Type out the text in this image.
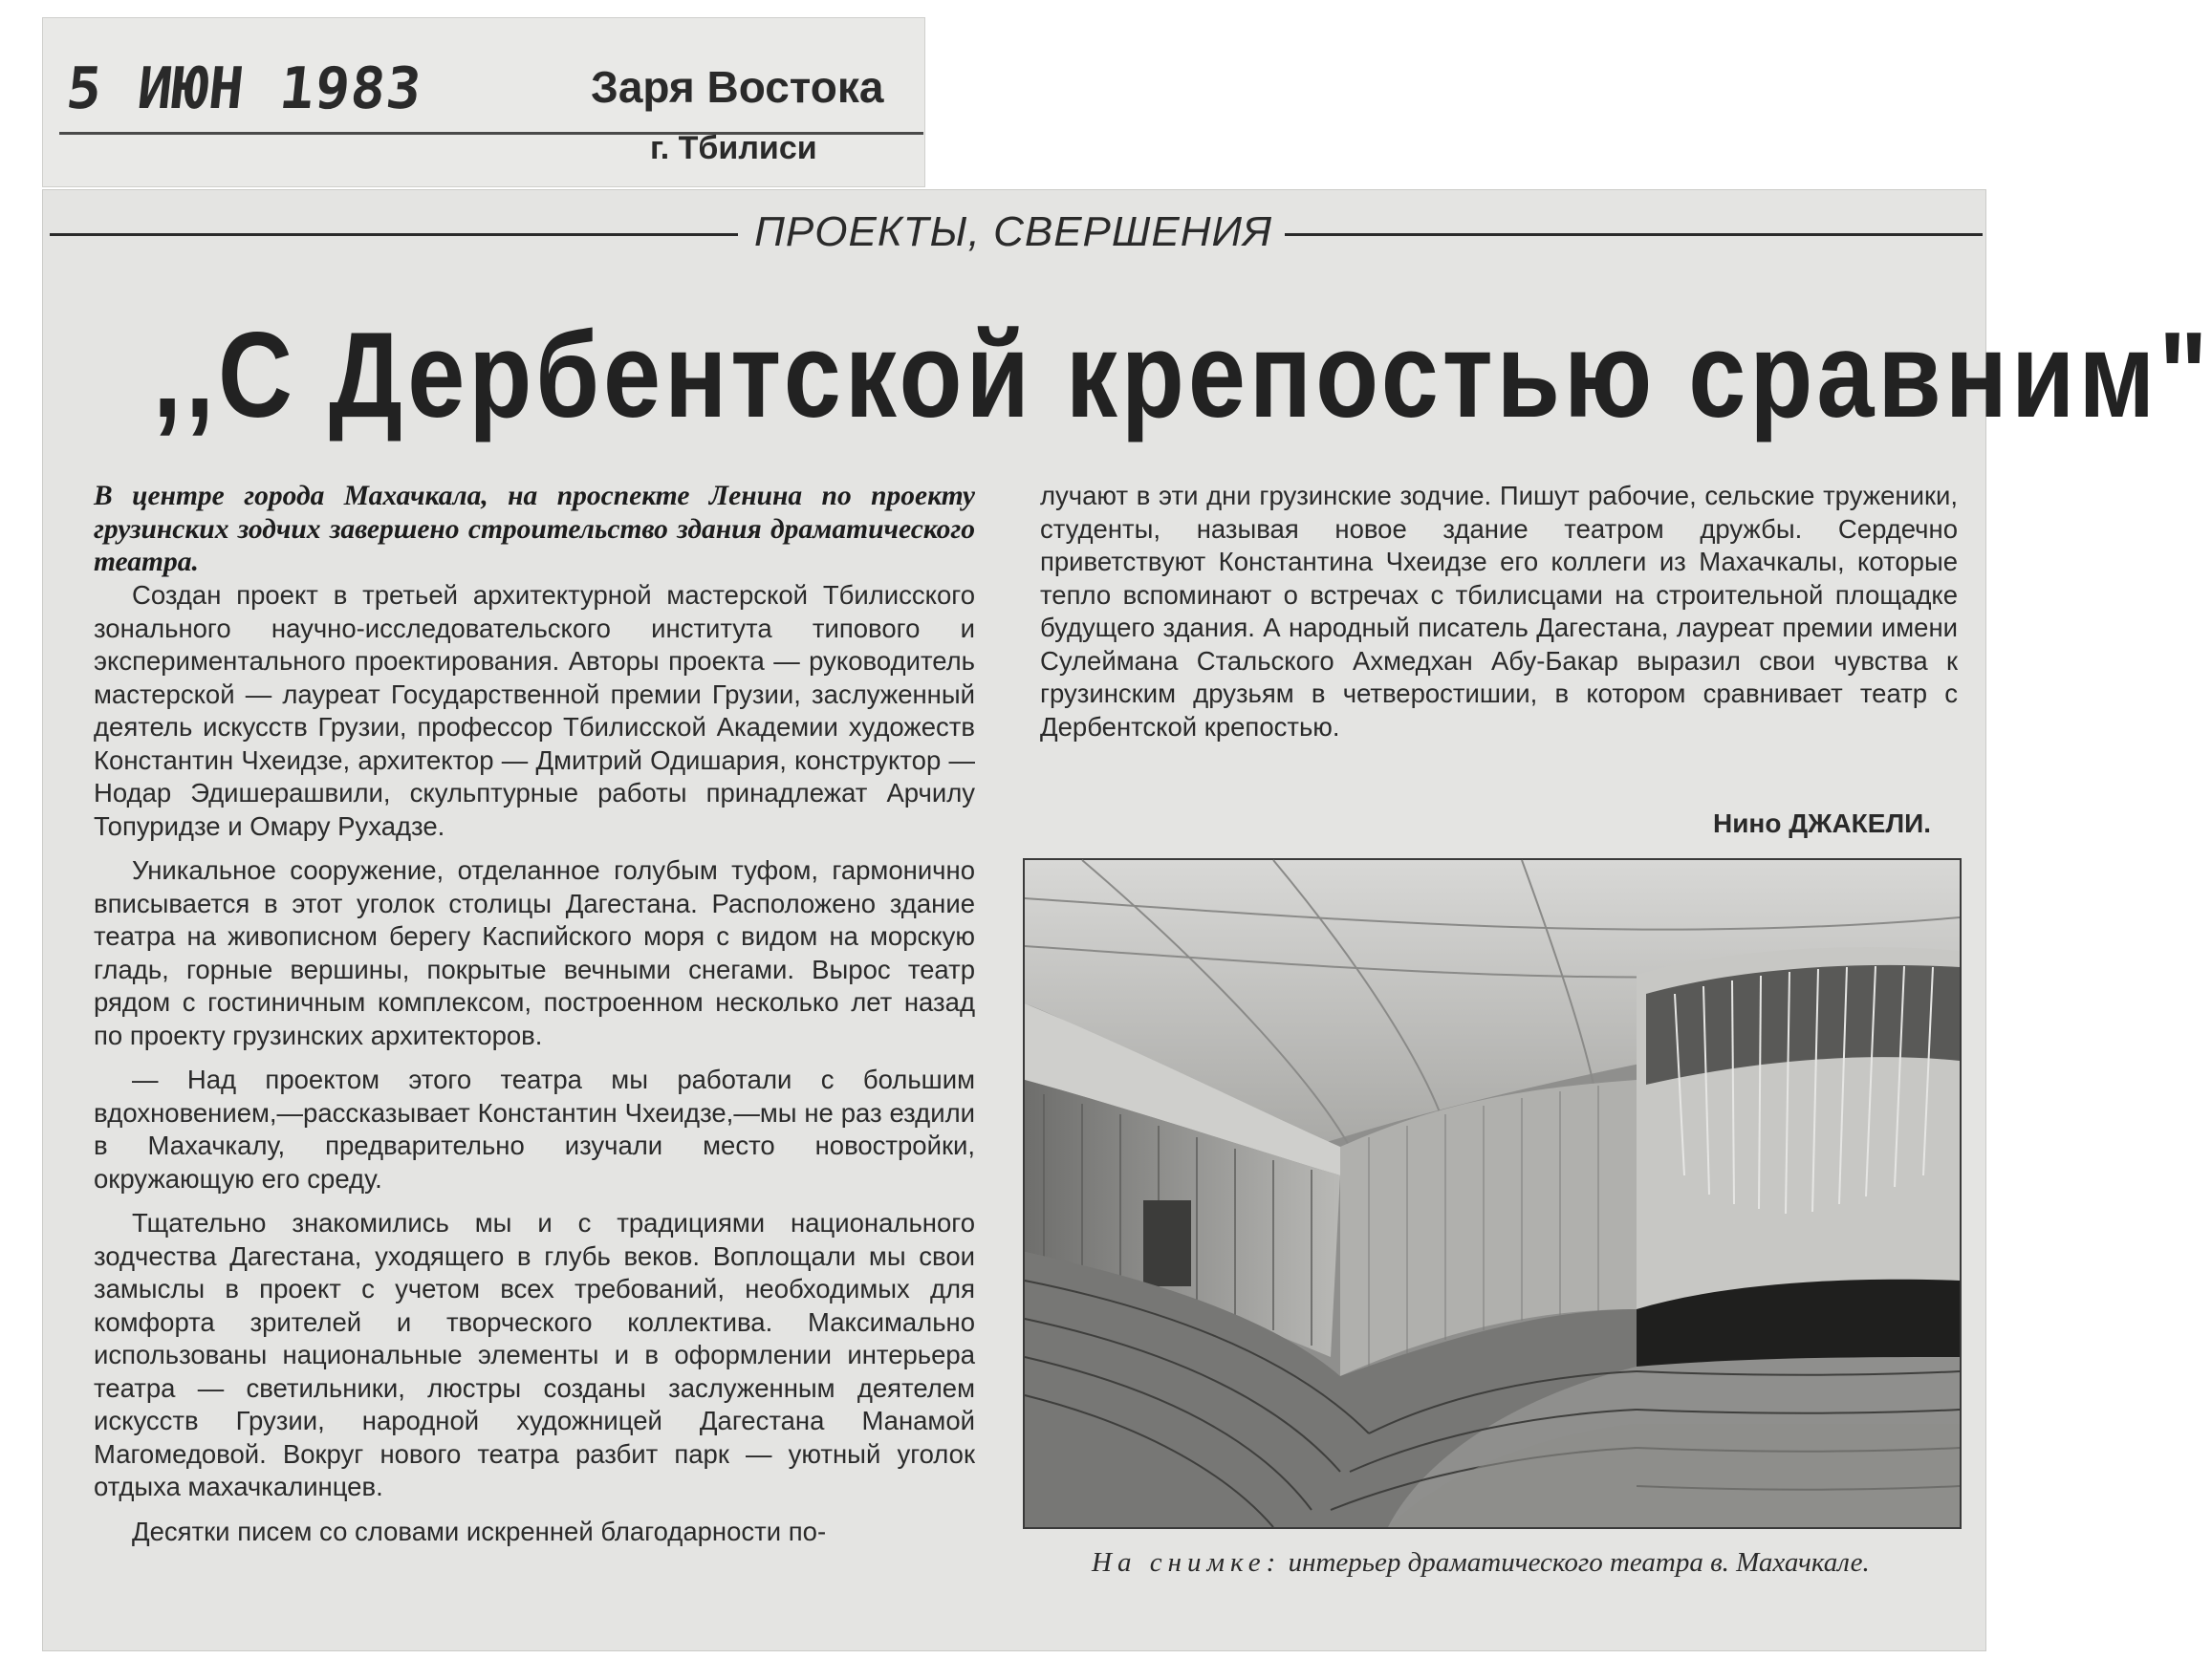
5 ИЮН 1983	Заря Востока
г. Тбилиси
ПРОЕКТЫ, СВЕРШЕНИЯ
,,С Дербентской крепостью сравним"
В центре города Махачкала, на проспекте Ленина по проекту грузинских зодчих завершено строительство здания драматического театра.

Создан проект в третьей архитектурной мастерской Тбилисского зонального научно-исследовательского института типового и экспериментального проектирования. Авторы проекта — руководитель мастерской — лауреат Государственной премии Грузии, заслуженный деятель искусств Грузии, профессор Тбилисской Академии художеств Константин Чхеидзе, архитектор — Дмитрий Одишария, конструктор — Нодар Эдишерашвили, скульптурные работы принадлежат Арчилу Топуридзе и Омару Рухадзе.

Уникальное сооружение, отделанное голубым туфом, гармонично вписывается в этот уголок столицы Дагестана. Расположено здание театра на живописном берегу Каспийского моря с видом на морскую гладь, горные вершины, покрытые вечными снегами. Вырос театр рядом с гостиничным комплексом, построенном несколько лет назад по проекту грузинских архитекторов.

— Над проектом этого театра мы работали с большим вдохновением,—рассказывает Константин Чхеидзе,—мы не раз ездили в Махачкалу, предварительно изучали место новостройки, окружающую его среду.

Тщательно знакомились мы и с традициями национального зодчества Дагестана, уходящего в глубь веков. Воплощали мы свои замыслы в проект с учетом всех требований, необходимых для комфорта зрителей и творческого коллектива. Максимально использованы национальные элементы и в оформлении интерьера театра — светильники, люстры созданы заслуженным деятелем искусств Грузии, народной художницей Дагестана Манамой Магомедовой. Вокруг нового театра разбит парк — уютный уголок отдыха махачкалинцев.

Десятки писем со словами искренней благодарности по-

лучают в эти дни грузинские зодчие. Пишут рабочие, сельские труженики, студенты, называя новое здание театром дружбы. Сердечно приветствуют Константина Чхеидзе его коллеги из Махачкалы, которые тепло вспоминают о встречах с тбилисцами на строительной площадке будущего здания. А народный писатель Дагестана, лауреат премии имени Сулеймана Стальского Ахмедхан Абу-Бакар выразил свои чувства к грузинским друзьям в четверостишии, в котором сравнивает театр с Дербентской крепостью.

Нино ДЖАКЕЛИ.
На снимке: интерьер драматического театра в. Махачкале.
